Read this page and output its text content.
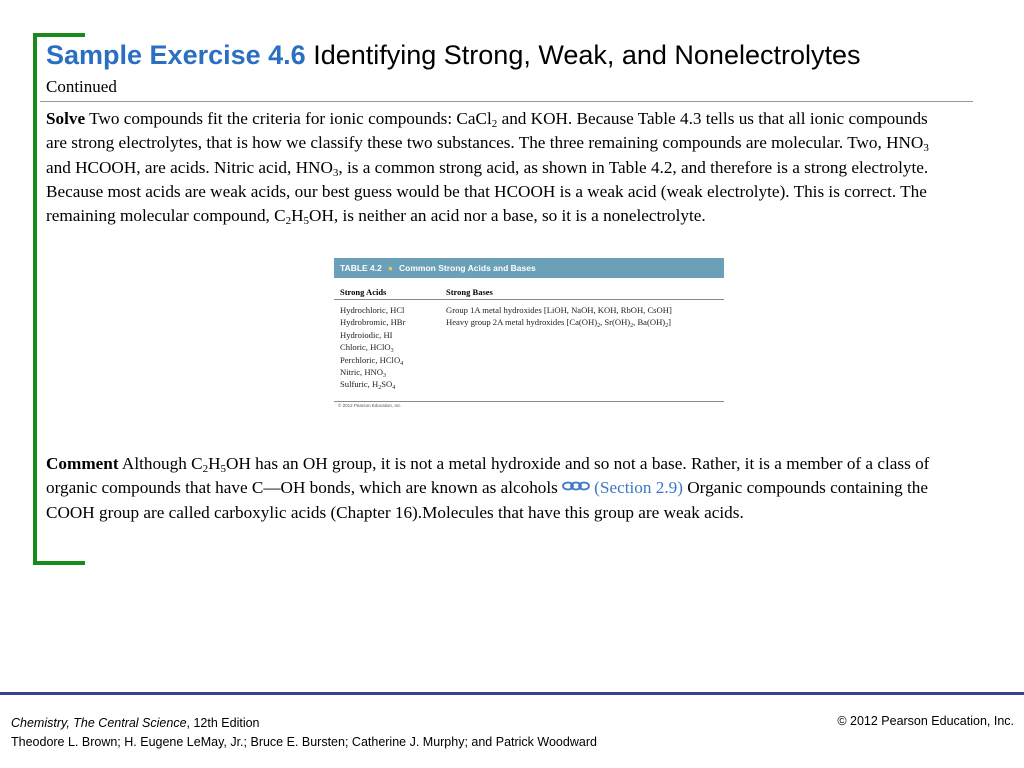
Sample Exercise 4.6 Identifying Strong, Weak, and Nonelectrolytes
Continued
Solve Two compounds fit the criteria for ionic compounds: CaCl$_2$ and KOH. Because Table 4.3 tells us that all ionic compounds are strong electrolytes, that is how we classify these two substances. The three remaining compounds are molecular. Two, $HNO_3$ and HCOOH, are acids. Nitric acid, $HNO_3$, is a common strong acid, as shown in Table 4.2, and therefore is a strong electrolyte. Because most acids are weak acids, our best guess would be that HCOOH is a weak acid (weak electrolyte). This is correct. The remaining molecular compound, $C_2H_5OH$, is neither an acid nor a base, so it is a nonelectrolyte.
TABLE 4.2 ● Common Strong Acids and Bases
Strong Acids	Strong Bases
Hydrochloric, HCl
Hydrobromic, HBr
Hydroiodic, HI
Chloric, HClO$_3$
Perchloric, HClO$_4$
Nitric, $HNO_3$
Sulfuric, $H_2SO_4$
Group 1A metal hydroxides [LiOH, NaOH, KOH, RbOH, CsOH]
Heavy group 2A metal hydroxides [$Ca(OH)_2$, $Sr(OH)_2$, $Ba(OH)_2$]
© 2012 Pearson Education, Inc.
Comment Although $C_2H_5OH$ has an OH group, it is not a metal hydroxide and so not a base. Rather, it is a member of a class of organic compounds that have C—OH bonds, which are known as alcohols (Section 2.9) Organic compounds containing the COOH group are called carboxylic acids (Chapter 16).Molecules that have this group are weak acids.
Chemistry, The Central Science, 12th Edition
Theodore L. Brown; H. Eugene LeMay, Jr.; Bruce E. Bursten; Catherine J. Murphy; and Patrick Woodward
© 2012 Pearson Education, Inc.
